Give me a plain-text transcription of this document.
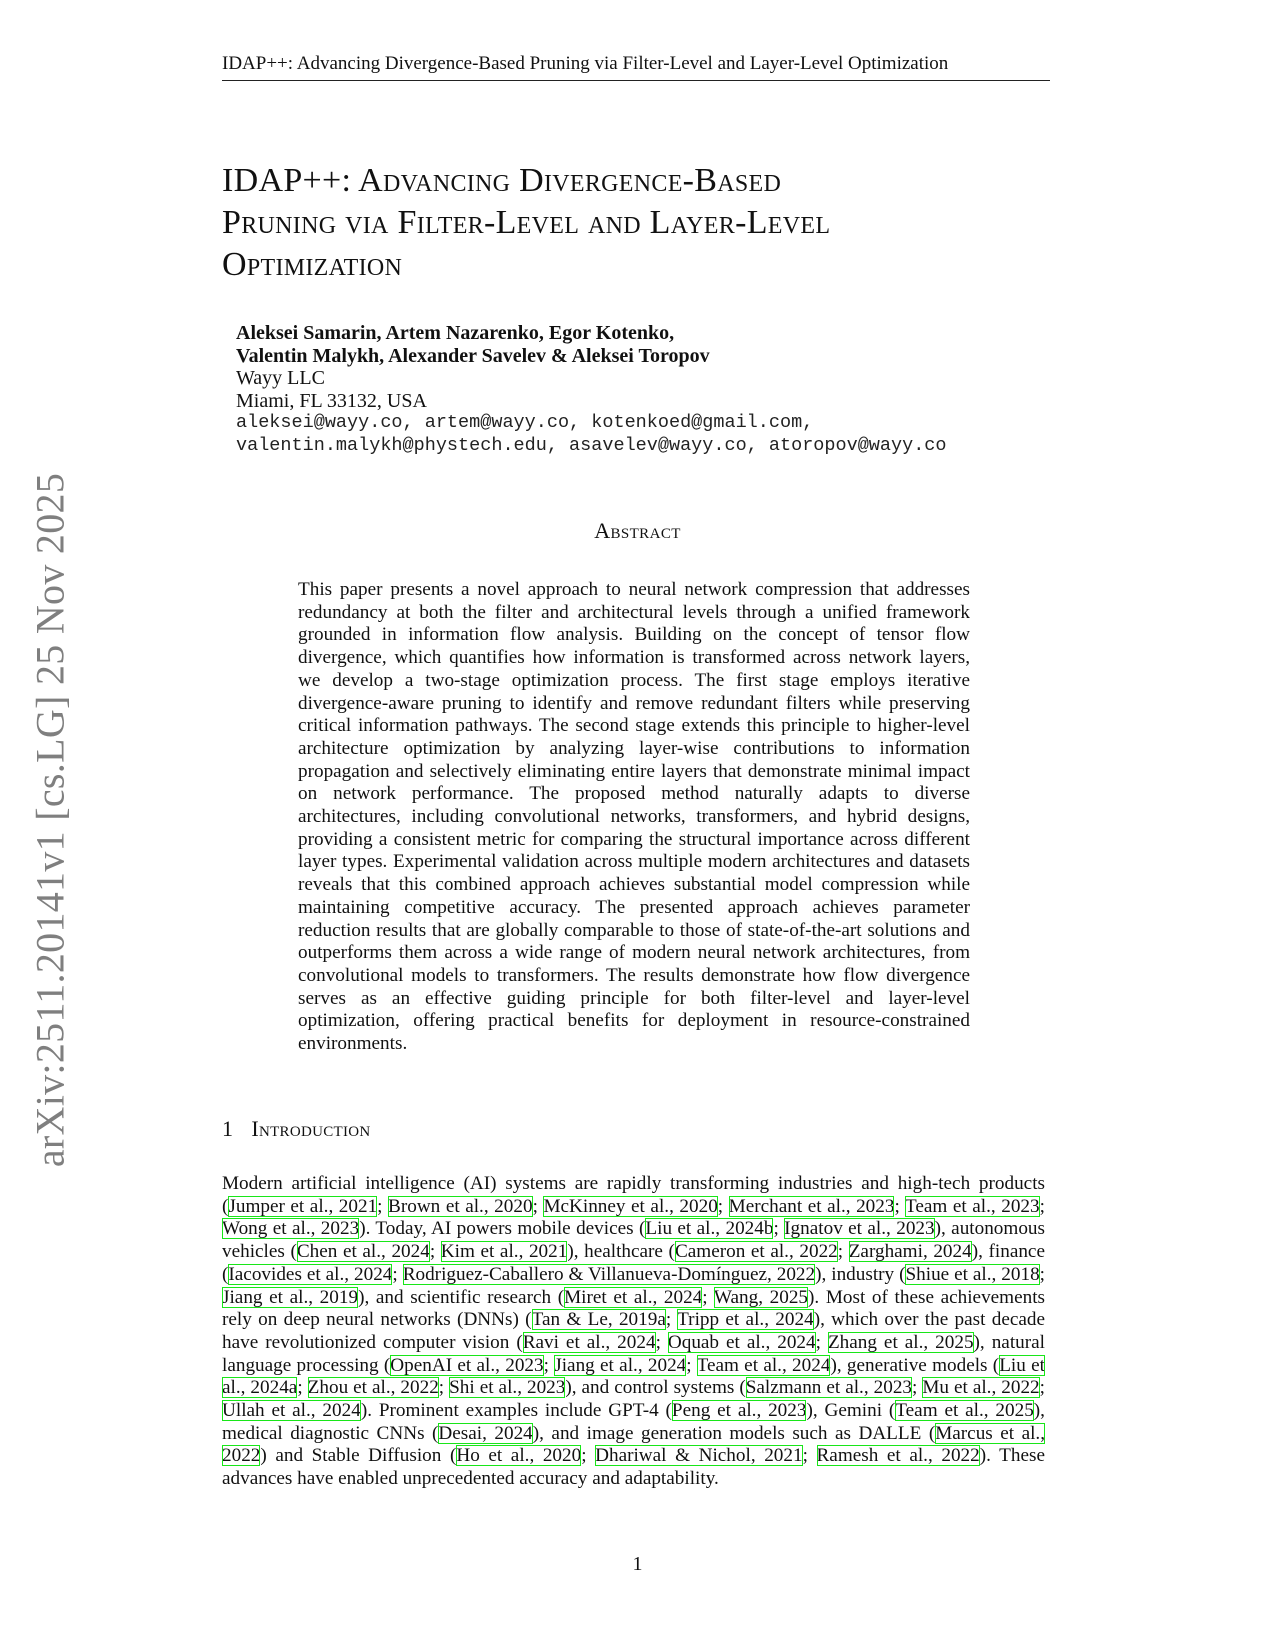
IDAP++: Advancing Divergence-Based Pruning via Filter-Level and Layer-Level Optimization
arXiv:2511.20141v1 [cs.LG] 25 Nov 2025
IDAP++: Advancing Divergence-Based
Pruning via Filter-Level and Layer-Level
Optimization
Aleksei Samarin, Artem Nazarenko, Egor Kotenko,
Valentin Malykh, Alexander Savelev & Aleksei Toropov
Wayy LLC
Miami, FL 33132, USA
aleksei@wayy.co, artem@wayy.co, kotenkoed@gmail.com,
valentin.malykh@phystech.edu, asavelev@wayy.co, atoropov@wayy.co
Abstract
This paper presents a novel approach to neural network compression that addresses redundancy at both the filter and architectural levels through a unified framework grounded in information flow analysis. Building on the concept of tensor flow divergence, which quantifies how information is transformed across network layers, we develop a two-stage optimization process. The first stage employs iterative divergence-aware pruning to identify and remove redundant filters while preserving critical information pathways. The second stage extends this principle to higher-level architecture optimization by analyzing layer-wise contributions to information propagation and selectively eliminating entire layers that demonstrate minimal impact on network performance. The proposed method naturally adapts to diverse architectures, including convolutional networks, transformers, and hybrid designs, providing a consistent metric for comparing the structural importance across different layer types. Experimental validation across multiple modern architectures and datasets reveals that this combined approach achieves substantial model compression while maintaining competitive accuracy. The presented approach achieves parameter reduction results that are globally comparable to those of state-of-the-art solutions and outperforms them across a wide range of modern neural network architectures, from convolutional models to transformers. The results demonstrate how flow divergence serves as an effective guiding principle for both filter-level and layer-level optimization, offering practical benefits for deployment in resource-constrained environments.
1 Introduction
Modern artificial intelligence (AI) systems are rapidly transforming industries and high-tech products (Jumper et al., 2021; Brown et al., 2020; McKinney et al., 2020; Merchant et al., 2023; Team et al., 2023; Wong et al., 2023). Today, AI powers mobile devices (Liu et al., 2024b; Ignatov et al., 2023), autonomous vehicles (Chen et al., 2024; Kim et al., 2021), healthcare (Cameron et al., 2022; Zarghami, 2024), finance (Iacovides et al., 2024; Rodriguez-Caballero & Villanueva-Domínguez, 2022), industry (Shiue et al., 2018; Jiang et al., 2019), and scientific research (Miret et al., 2024; Wang, 2025). Most of these achievements rely on deep neural networks (DNNs) (Tan & Le, 2019a; Tripp et al., 2024), which over the past decade have revolutionized computer vision (Ravi et al., 2024; Oquab et al., 2024; Zhang et al., 2025), natural language processing (OpenAI et al., 2023; Jiang et al., 2024; Team et al., 2024), generative models (Liu et al., 2024a; Zhou et al., 2022; Shi et al., 2023), and control systems (Salzmann et al., 2023; Mu et al., 2022; Ullah et al., 2024). Prominent examples include GPT-4 (Peng et al., 2023), Gemini (Team et al., 2025), medical diagnostic CNNs (Desai, 2024), and image generation models such as DALLE (Marcus et al., 2022) and Stable Diffusion (Ho et al., 2020; Dhariwal & Nichol, 2021; Ramesh et al., 2022). These advances have enabled unprecedented accuracy and adaptability.
1
